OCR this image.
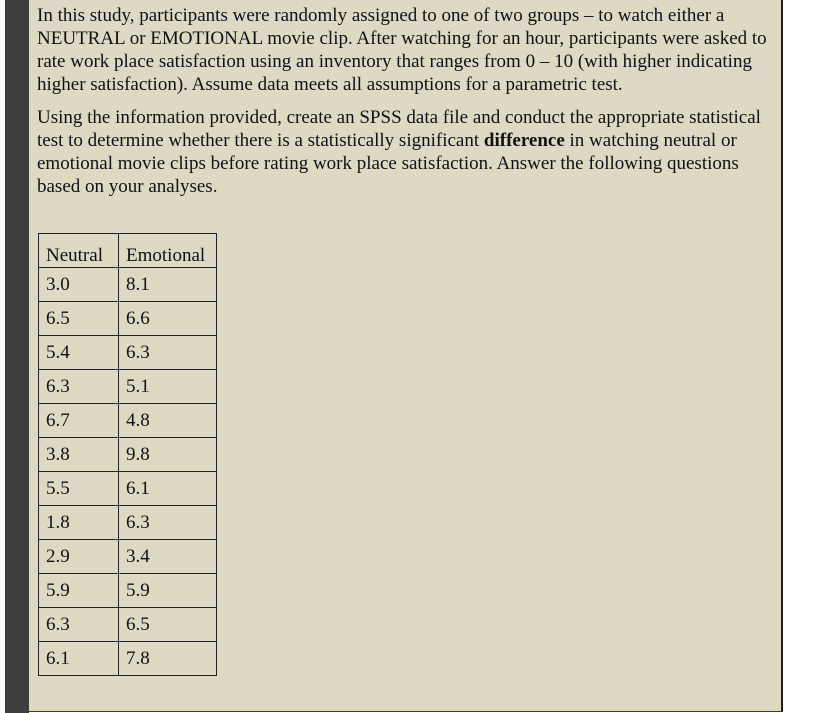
In this study, participants were randomly assigned to one of two groups – to watch either a NEUTRAL or EMOTIONAL movie clip. After watching for an hour, participants were asked to rate work place satisfaction using an inventory that ranges from 0 – 10 (with higher indicating higher satisfaction). Assume data meets all assumptions for a parametric test.

Using the information provided, create an SPSS data file and conduct the appropriate statistical test to determine whether there is a statistically significant difference in watching neutral or emotional movie clips before rating work place satisfaction. Answer the following questions based on your analyses.

Neutral	Emotional
3.0	8.1
6.5	6.6
5.4	6.3
6.3	5.1
6.7	4.8
3.8	9.8
5.5	6.1
1.8	6.3
2.9	3.4
5.9	5.9
6.3	6.5
6.1	7.8
